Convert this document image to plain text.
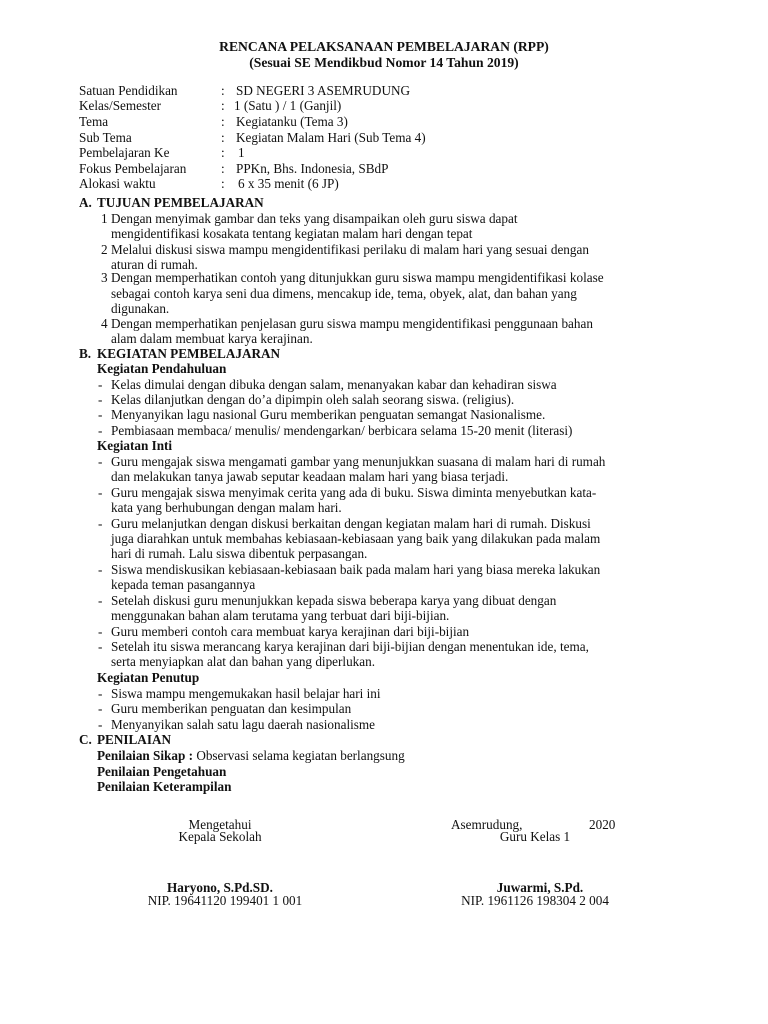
RENCANA PELAKSANAAN PEMBELAJARAN (RPP)
(Sesuai SE Mendikbud Nomor 14 Tahun 2019)
Satuan Pendidikan	: SD NEGERI 3 ASEMRUDUNG
Kelas/Semester	: 1 (Satu ) / 1 (Ganjil)
Tema	: Kegiatanku (Tema 3)
Sub Tema	: Kegiatan Malam Hari (Sub Tema 4)
Pembelajaran Ke	: 1
Fokus Pembelajaran	: PPKn, Bhs. Indonesia, SBdP
Alokasi waktu	: 6 x 35 menit (6 JP)
A. TUJUAN PEMBELAJARAN
1 Dengan menyimak gambar dan teks yang disampaikan oleh guru siswa dapat
mengidentifikasi kosakata tentang kegiatan malam hari dengan tepat
2 Melalui diskusi siswa mampu mengidentifikasi perilaku di malam hari yang sesuai dengan
aturan di rumah.
3 Dengan memperhatikan contoh yang ditunjukkan guru siswa mampu mengidentifikasi kolase
sebagai contoh karya seni dua dimens, mencakup ide, tema, obyek, alat, dan bahan yang
digunakan.
4 Dengan memperhatikan penjelasan guru siswa mampu mengidentifikasi penggunaan bahan
alam dalam membuat karya kerajinan.
B. KEGIATAN PEMBELAJARAN
Kegiatan Pendahuluan
- Kelas dimulai dengan dibuka dengan salam, menanyakan kabar dan kehadiran siswa
- Kelas dilanjutkan dengan do’a dipimpin oleh salah seorang siswa. (religius).
- Menyanyikan lagu nasional Guru memberikan penguatan semangat Nasionalisme.
- Pembiasaan membaca/ menulis/ mendengarkan/ berbicara selama 15-20 menit (literasi)
Kegiatan Inti
- Guru mengajak siswa mengamati gambar yang menunjukkan suasana di malam hari di rumah
dan melakukan tanya jawab seputar keadaan malam hari yang biasa terjadi.
- Guru mengajak siswa menyimak cerita yang ada di buku. Siswa diminta menyebutkan kata-
kata yang berhubungan dengan malam hari.
- Guru melanjutkan dengan diskusi berkaitan dengan kegiatan malam hari di rumah. Diskusi
juga diarahkan untuk membahas kebiasaan-kebiasaan yang baik yang dilakukan pada malam
hari di rumah. Lalu siswa dibentuk perpasangan.
- Siswa mendiskusikan kebiasaan-kebiasaan baik pada malam hari yang biasa mereka lakukan
kepada teman pasangannya
- Setelah diskusi guru menunjukkan kepada siswa beberapa karya yang dibuat dengan
menggunakan bahan alam terutama yang terbuat dari biji-bijian.
- Guru memberi contoh cara membuat karya kerajinan dari biji-bijian
- Setelah itu siswa merancang karya kerajinan dari biji-bijian dengan menentukan ide, tema,
serta menyiapkan alat dan bahan yang diperlukan.
Kegiatan Penutup
- Siswa mampu mengemukakan hasil belajar hari ini
- Guru memberikan penguatan dan kesimpulan
- Menyanyikan salah satu lagu daerah nasionalisme
C. PENILAIAN
Penilaian Sikap : Observasi selama kegiatan berlangsung
Penilaian Pengetahuan
Penilaian Keterampilan
Mengetahui
Kepala Sekolah
Haryono, S.Pd.SD.
NIP. 19641120 199401 1 001
Asemrudung,	2020
Guru Kelas 1
Juwarmi, S.Pd.
NIP. 1961126 198304 2 004
